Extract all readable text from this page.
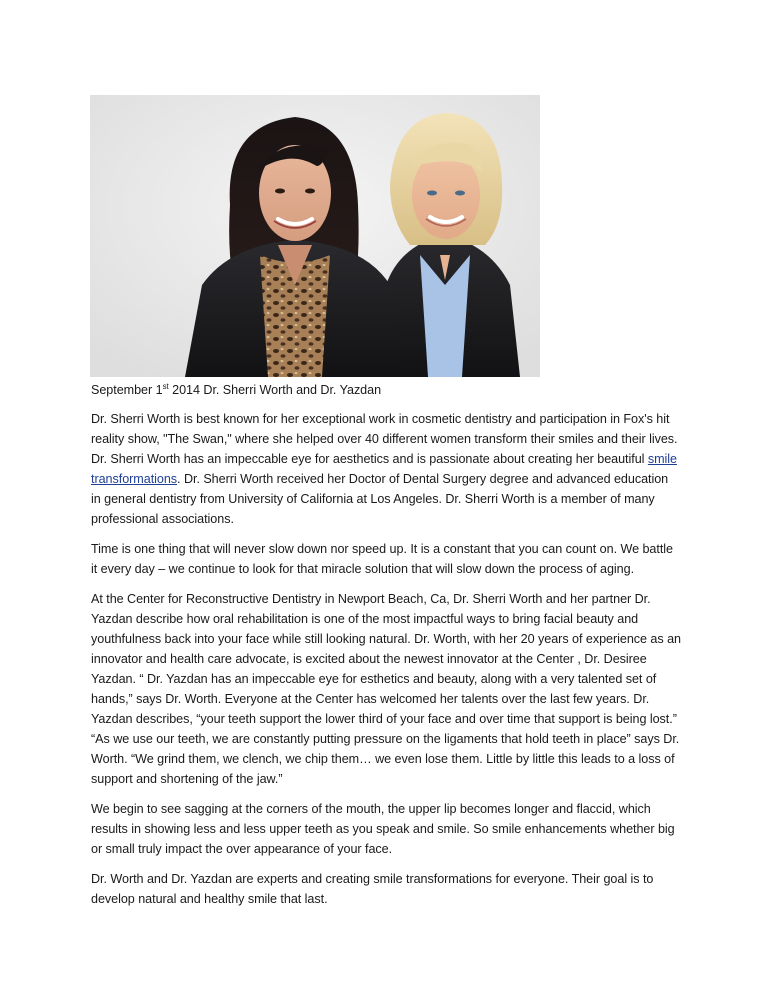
September 1st 2014 Dr. Sherri Worth and Dr. Yazdan

Dr. Sherri Worth is best known for her exceptional work in cosmetic dentistry and participation in Fox's hit reality show, "The Swan," where she helped over 40 different women transform their smiles and their lives. Dr. Sherri Worth has an impeccable eye for aesthetics and is passionate about creating her beautiful smile transformations. Dr. Sherri Worth received her Doctor of Dental Surgery degree and advanced education in general dentistry from University of California at Los Angeles. Dr. Sherri Worth is a member of many professional associations.

Time is one thing that will never slow down nor speed up. It is a constant that you can count on. We battle it every day – we continue to look for that miracle solution that will slow down the process of aging.

At the Center for Reconstructive Dentistry in Newport Beach, Ca, Dr. Sherri Worth and her partner Dr. Yazdan describe how oral rehabilitation is one of the most impactful ways to bring facial beauty and youthfulness back into your face while still looking natural. Dr. Worth, with her 20 years of experience as an innovator and health care advocate, is excited about the newest innovator at the Center , Dr. Desiree Yazdan. “ Dr. Yazdan has an impeccable eye for esthetics and beauty, along with a very talented set of hands,” says Dr. Worth. Everyone at the Center has welcomed her talents over the last few years. Dr. Yazdan describes, “your teeth support the lower third of your face and over time that support is being lost.” “As we use our teeth, we are constantly putting pressure on the ligaments that hold teeth in place” says Dr. Worth. “We grind them, we clench, we chip them… we even lose them. Little by little this leads to a loss of support and shortening of the jaw.”

We begin to see sagging at the corners of the mouth, the upper lip becomes longer and flaccid, which results in showing less and less upper teeth as you speak and smile. So smile enhancements whether big or small truly impact the over appearance of your face.

Dr. Worth and Dr. Yazdan are experts and creating smile transformations for everyone. Their goal is to develop natural and healthy smile that last.
